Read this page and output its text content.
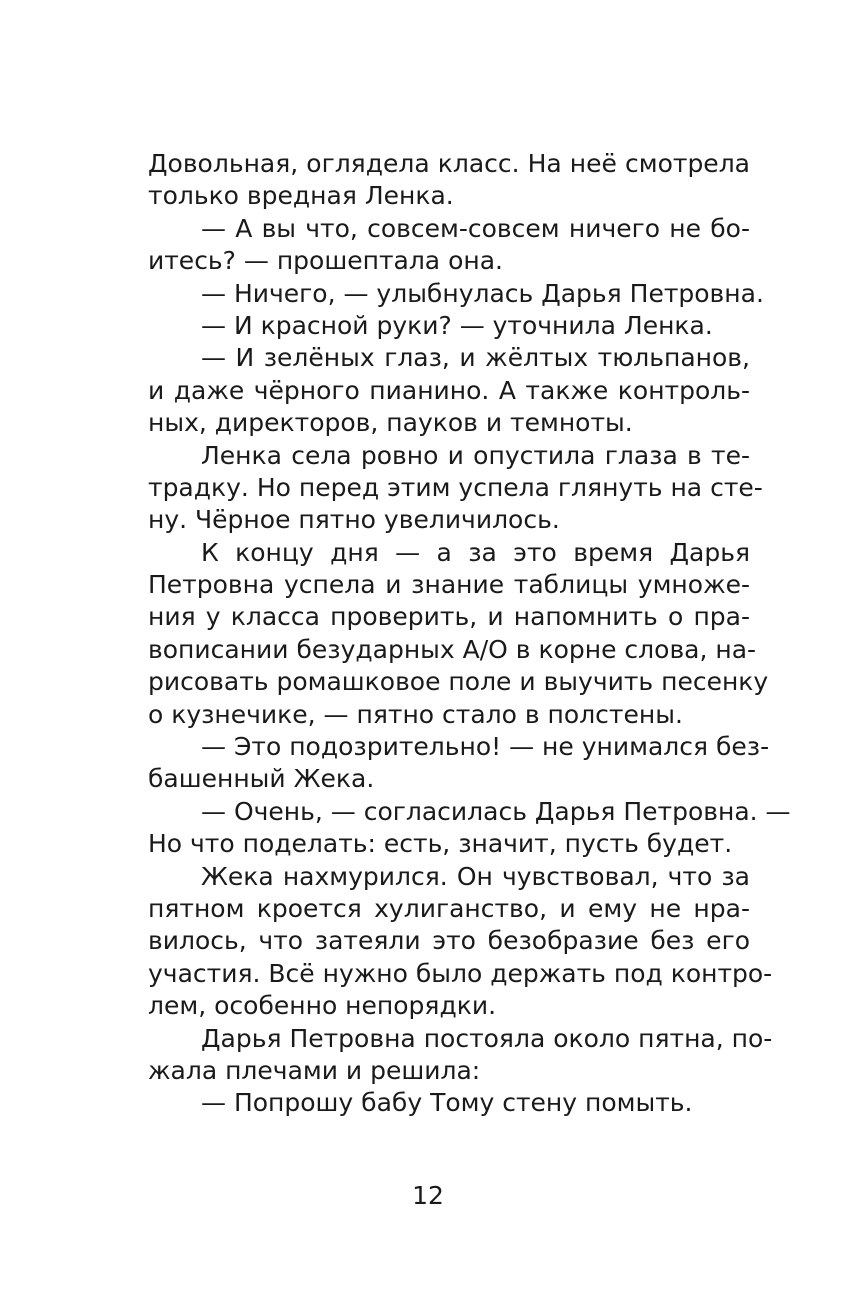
Довольная, оглядела класс. На неё смотрела
только вредная Ленка.
— А вы что, совсем-совсем ничего не бо-
итесь? — прошептала она.
— Ничего, — улыбнулась Дарья Петровна.
— И красной руки? — уточнила Ленка.
— И зелёных глаз, и жёлтых тюльпанов,
и даже чёрного пианино. А также контроль-
ных, директоров, пауков и темноты.
Ленка села ровно и опустила глаза в те-
традку. Но перед этим успела глянуть на сте-
ну. Чёрное пятно увеличилось.
К концу дня — а за это время Дарья
Петровна успела и знание таблицы умноже-
ния у класса проверить, и напомнить о пра-
вописании безударных А/О в корне слова, на-
рисовать ромашковое поле и выучить песенку
о кузнечике, — пятно стало в полстены.
— Это подозрительно! — не унимался без-
башенный Жека.
— Очень, — согласилась Дарья Петровна. —
Но что поделать: есть, значит, пусть будет.
Жека нахмурился. Он чувствовал, что за
пятном кроется хулиганство, и ему не нра-
вилось, что затеяли это безобразие без его
участия. Всё нужно было держать под контро-
лем, особенно непорядки.
Дарья Петровна постояла около пятна, по-
жала плечами и решила:
— Попрошу бабу Тому стену помыть.
12
